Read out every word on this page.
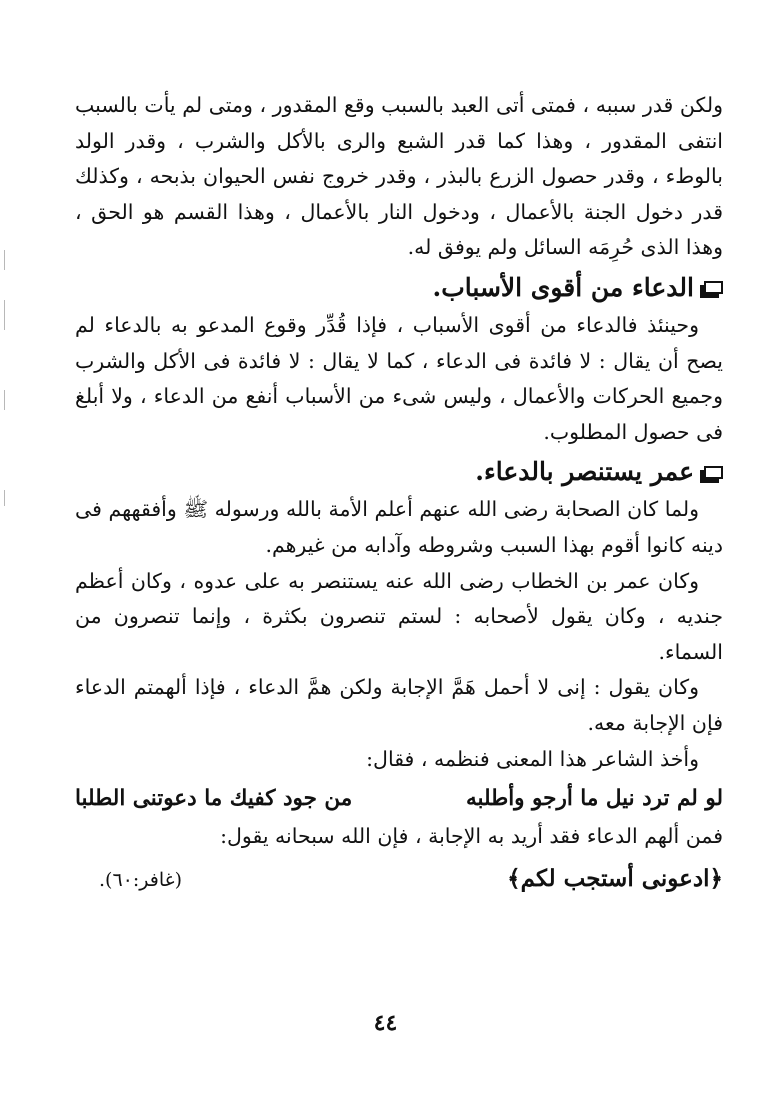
ولكن قدر سببه ، فمتى أتى العبد بالسبب وقع المقدور ، ومتى لم يأت بالسبب انتفى المقدور ، وهذا كما قدر الشبع والرى بالأكل والشرب ، وقدر الولد بالوطء ، وقدر حصول الزرع بالبذر ، وقدر خروج نفس الحيوان بذبحه ، وكذلك قدر دخول الجنة بالأعمال ، ودخول النار بالأعمال ، وهذا القسم هو الحق ، وهذا الذى حُرِمَه السائل ولم يوفق له.

الدعاء من أقوى الأسباب.

وحينئذ فالدعاء من أقوى الأسباب ، فإذا قُدِّر وقوع المدعو به بالدعاء لم يصح أن يقال : لا فائدة فى الدعاء ، كما لا يقال : لا فائدة فى الأكل والشرب وجميع الحركات والأعمال ، وليس شىء من الأسباب أنفع من الدعاء ، ولا أبلغ فى حصول المطلوب.

عمر يستنصر بالدعاء.

ولما كان الصحابة رضى الله عنهم أعلم الأمة بالله ورسوله ﷺ وأفقههم فى دينه كانوا أقوم بهذا السبب وشروطه وآدابه من غيرهم.

وكان عمر بن الخطاب رضى الله عنه يستنصر به على عدوه ، وكان أعظم جنديه ، وكان يقول لأصحابه : لستم تنصرون بكثرة ، وإنما تنصرون من السماء.

وكان يقول : إنى لا أحمل هَمَّ الإجابة ولكن همَّ الدعاء ، فإذا ألهمتم الدعاء فإن الإجابة معه.

وأخذ الشاعر هذا المعنى فنظمه ، فقال:

لو لم ترد نيل ما أرجو وأطلبه
من جود كفيك ما دعوتنى الطلبا

فمن ألهم الدعاء فقد أريد به الإجابة ، فإن الله سبحانه يقول:

﴿ادعونى أستجب لكم﴾
(غافر:٦٠).
٤٤
